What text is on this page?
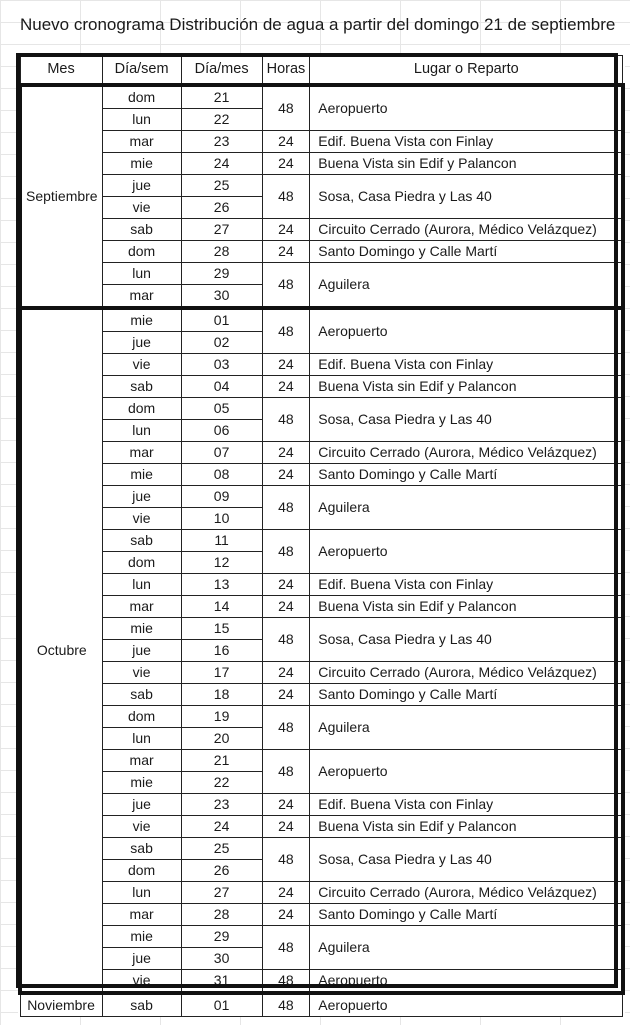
Nuevo cronograma Distribución de agua a partir del domingo 21 de septiembre
Mes	Día/sem	Día/mes	Horas	Lugar o Reparto
Septiembre	dom	21	48	Aeropuerto
	lun	22		
	mar	23	24	Edif. Buena Vista con Finlay
	mie	24	24	Buena Vista sin Edif y Palancon
	jue	25	48	Sosa, Casa Piedra y Las 40
	vie	26		
	sab	27	24	Circuito Cerrado (Aurora, Médico Velázquez)
	dom	28	24	Santo Domingo y Calle Martí
	lun	29	48	Aguilera
	mar	30		
Octubre	mie	01	48	Aeropuerto
	jue	02		
	vie	03	24	Edif. Buena Vista con Finlay
	sab	04	24	Buena Vista sin Edif y Palancon
	dom	05	48	Sosa, Casa Piedra y Las 40
	lun	06		
	mar	07	24	Circuito Cerrado (Aurora, Médico Velázquez)
	mie	08	24	Santo Domingo y Calle Martí
	jue	09	48	Aguilera
	vie	10		
	sab	11	48	Aeropuerto
	dom	12		
	lun	13	24	Edif. Buena Vista con Finlay
	mar	14	24	Buena Vista sin Edif y Palancon
	mie	15	48	Sosa, Casa Piedra y Las 40
	jue	16		
	vie	17	24	Circuito Cerrado (Aurora, Médico Velázquez)
	sab	18	24	Santo Domingo y Calle Martí
	dom	19	48	Aguilera
	lun	20		
	mar	21	48	Aeropuerto
	mie	22		
	jue	23	24	Edif. Buena Vista con Finlay
	vie	24	24	Buena Vista sin Edif y Palancon
	sab	25	48	Sosa, Casa Piedra y Las 40
	dom	26		
	lun	27	24	Circuito Cerrado (Aurora, Médico Velázquez)
	mar	28	24	Santo Domingo y Calle Martí
	mie	29	48	Aguilera
	jue	30		
	vie	31	48	Aeropuerto
Noviembre	sab	01	48	Aeropuerto
